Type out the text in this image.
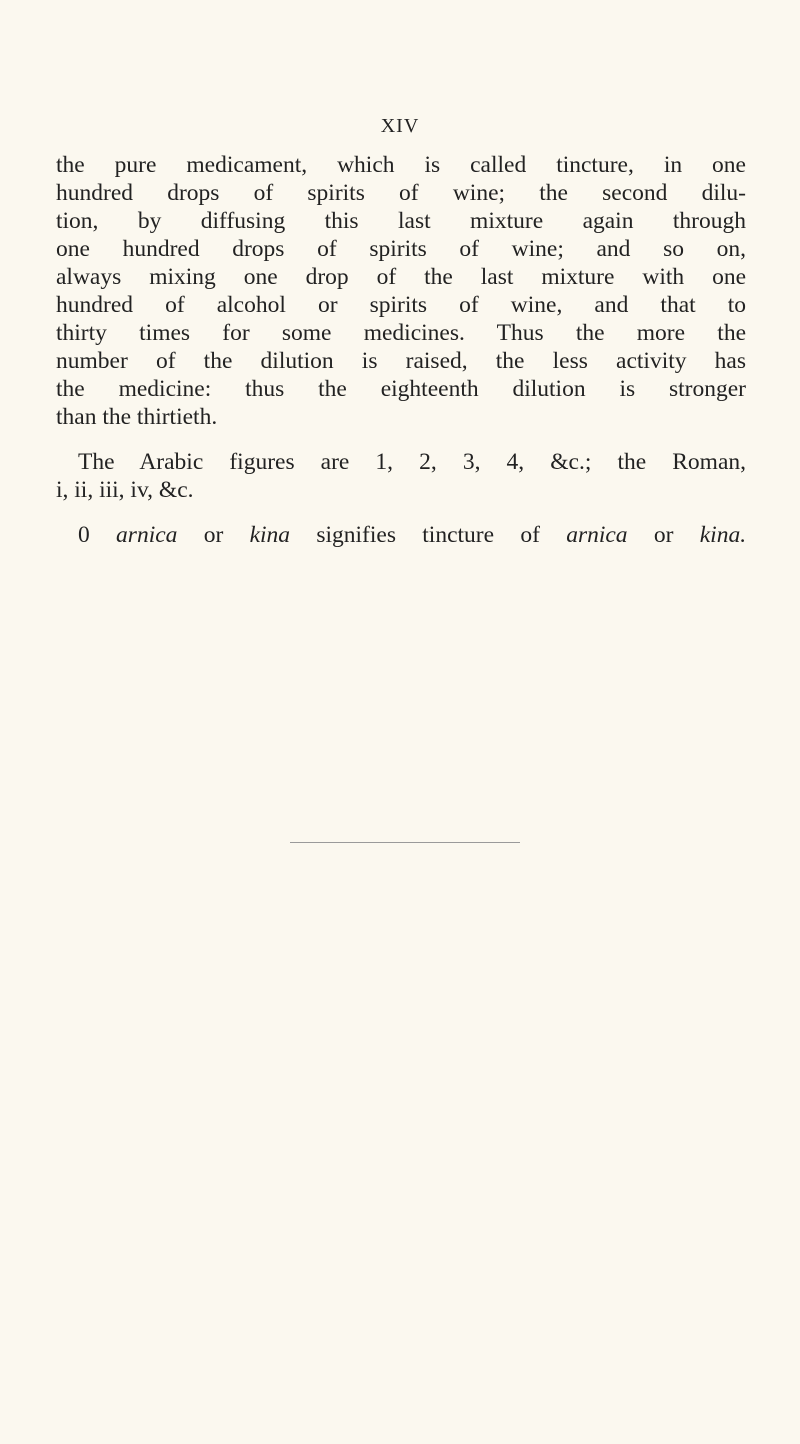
XIV
the pure medicament, which is called tincture, in one
hundred drops of spirits of wine; the second dilu-
tion, by diffusing this last mixture again through
one hundred drops of spirits of wine; and so on,
always mixing one drop of the last mixture with one
hundred of alcohol or spirits of wine, and that to
thirty times for some medicines. Thus the more the
number of the dilution is raised, the less activity has
the medicine: thus the eighteenth dilution is stronger
than the thirtieth.
The Arabic figures are 1, 2, 3, 4, &c.; the Roman,
i, ii, iii, iv, &c.
0 arnica or kina signifies tincture of arnica or kina.
